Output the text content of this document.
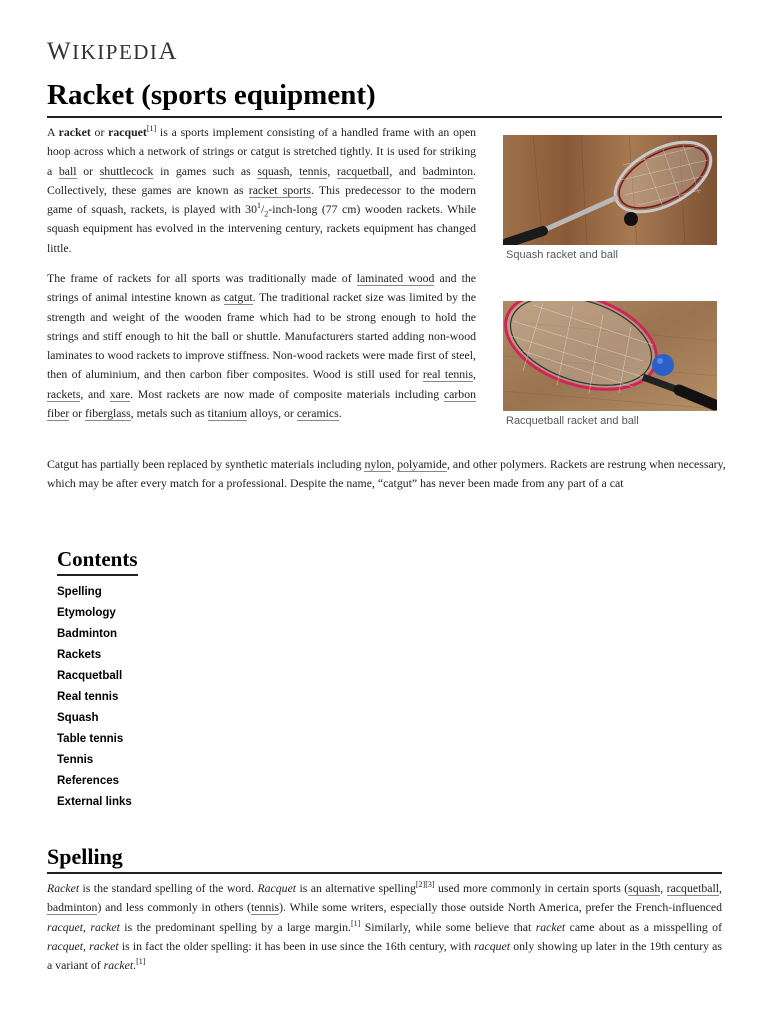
WIKIPEDIA
Racket (sports equipment)

A racket or racquet[1] is a sports implement consisting of a handled frame with an open hoop across which a network of strings or catgut is stretched tightly. It is used for striking a ball or shuttlecock in games such as squash, tennis, racquetball, and badminton. Collectively, these games are known as racket sports. This predecessor to the modern game of squash, rackets, is played with $30^1/_2-inch$-long (77 cm) wooden rackets. While squash equipment has evolved in the intervening century, rackets equipment has changed little.

Squash racket and ball
Racquetball racket and ball

The frame of rackets for all sports was traditionally made of laminated wood and the strings of animal intestine known as catgut. The traditional racket size was limited by the strength and weight of the wooden frame which had to be strong enough to hold the strings and stiff enough to hit the ball or shuttle. Manufacturers started adding non-wood laminates to wood rackets to improve stiffness. Non-wood rackets were made first of steel, then of aluminium, and then carbon fiber composites. Wood is still used for real tennis, rackets, and xare. Most rackets are now made of composite materials including carbon fiber or fiberglass, metals such as titanium alloys, or ceramics.

Catgut has partially been replaced by synthetic materials including nylon, polyamide, and other polymers. Rackets are restrung when necessary, which may be after every match for a professional. Despite the name, “catgut” has never been made from any part of a cat

Contents
Spelling
Etymology
Badminton
Rackets
Racquetball
Real tennis
Squash
Table tennis
Tennis
References
External links
Spelling

Racket is the standard spelling of the word. Racquet is an alternative spelling[2][3] used more commonly in certain sports (squash, racquetball, badminton) and less commonly in others (tennis). While some writers, especially those outside North America, prefer the French-influenced racquet, racket is the predominant spelling by a large margin.[1] Similarly, while some believe that racket came about as a misspelling of racquet, racket is in fact the older spelling: it has been in use since the 16th century, with racquet only showing up later in the 19th century as a variant of racket.[1]
